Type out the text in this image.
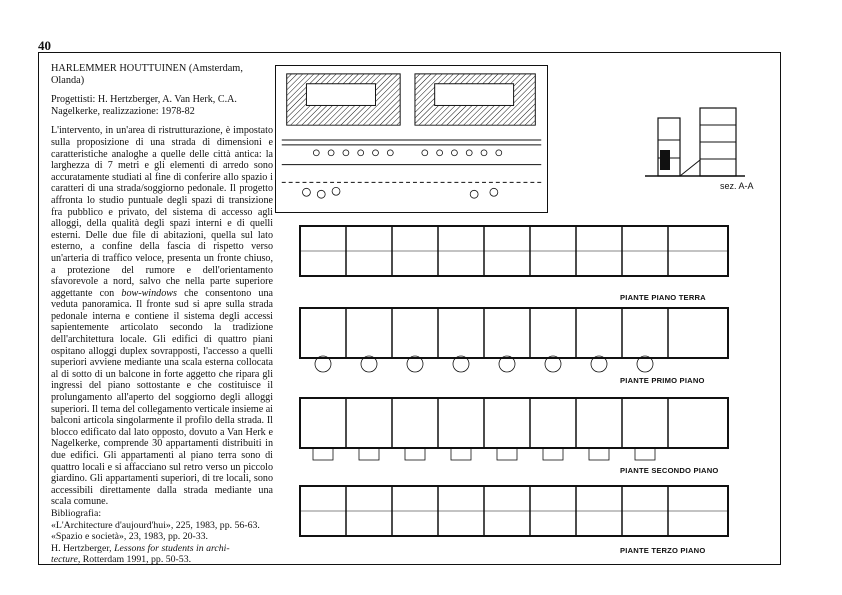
40

HARLEMMER HOUTTUINEN (Amsterdam, Olanda)

Progettisti: H. Hertzberger, A. Van Herk, C.A. Nagelkerke, realizzazione: 1978-82

L'intervento, in un'area di ristrutturazione, è impostato sulla proposizione di una strada di dimensioni e caratteristiche analoghe a quelle delle città antica: la larghezza di 7 metri e gli elementi di arredo sono accuratamente studiati al fine di conferire allo spazio i caratteri di una strada/soggiorno pedonale. Il progetto affronta lo studio puntuale degli spazi di transizione fra pubblico e privato, del sistema di accesso agli alloggi, della qualità degli spazi interni e di quelli esterni. Delle due file di abitazioni, quella sul lato esterno, a confine della fascia di rispetto verso un'arteria di traffico veloce, presenta un fronte chiuso, a protezione del rumore e dell'orientamento sfavorevole a nord, salvo che nella parte superiore aggettante con bow-windows che consentono una veduta panoramica. Il fronte sud si apre sulla strada pedonale interna e contiene il sistema degli accessi sapientemente articolato secondo la tradizione dell'architettura locale. Gli edifici di quattro piani ospitano alloggi duplex sovrapposti, l'accesso a quelli superiori avviene mediante una scala esterna collocata al di sotto di un balcone in forte aggetto che ripara gli ingressi del piano sottostante e che costituisce il prolungamento all'aperto del soggiorno degli alloggi superiori. Il tema del collegamento verticale insieme ai balconi articola singolarmente il profilo della strada. Il blocco edificato dal lato opposto, dovuto a Van Herk e Nagelkerke, comprende 30 appartamenti distribuiti in due edifici. Gli appartamenti al piano terra sono di quattro locali e si affacciano sul retro verso un piccolo giardino. Gli appartamenti superiori, di tre locali, sono accessibili direttamente dalla strada mediante una scala comune.

Bibliografia:
«L'Architecture d'aujourd'hui», 225, 1983, pp. 56-63.
«Spazio e società», 23, 1983, pp. 20-33.
H. Hertzberger, Lessons for students in archi-
tecture, Rotterdam 1991, pp. 50-53.
sez. A-A
PIANTE PIANO TERRA
PIANTE PRIMO PIANO
PIANTE SECONDO PIANO
PIANTE TERZO PIANO
